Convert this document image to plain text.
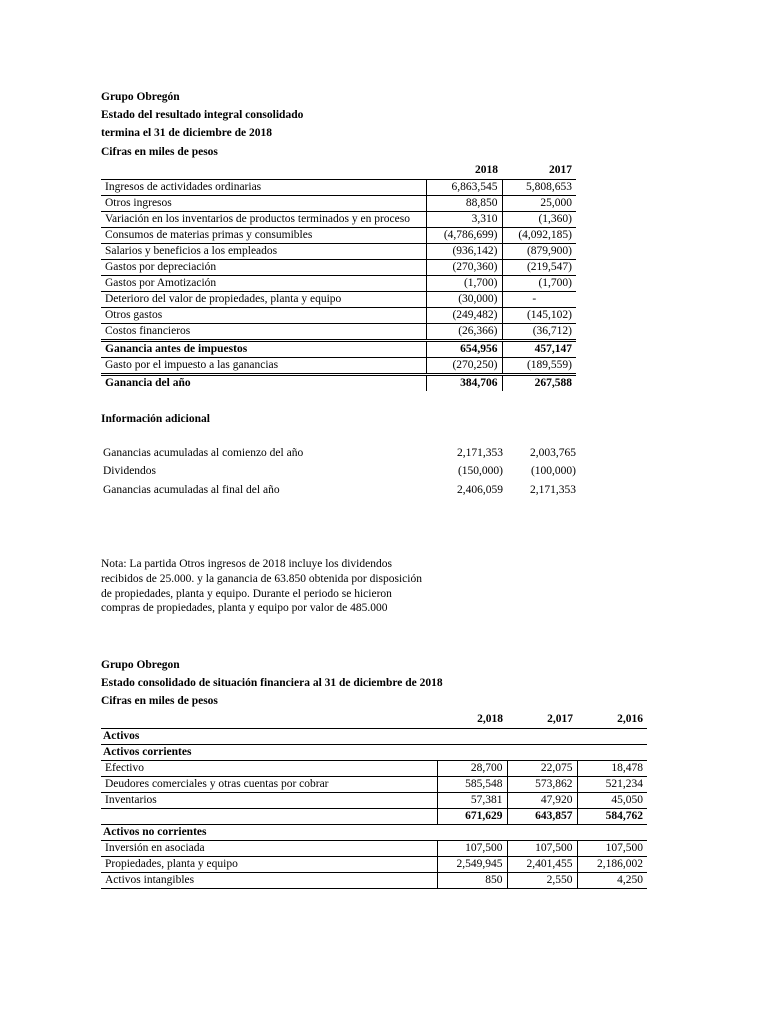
Grupo Obregón
Estado del resultado integral consolidado
termina el 31 de diciembre de 2018
Cifras en miles de pesos
	2018	2017
Ingresos de actividades ordinarias	6,863,545	5,808,653
Otros ingresos	88,850	25,000
Variación en los inventarios de productos terminados y en proceso	3,310	(1,360)
Consumos de materias primas y consumibles	(4,786,699)	(4,092,185)
Salarios y beneficios a los empleados	(936,142)	(879,900)
Gastos por depreciación	(270,360)	(219,547)
Gastos por Amotización	(1,700)	(1,700)
Deterioro del valor de propiedades, planta y equipo	(30,000)	-
Otros gastos	(249,482)	(145,102)
Costos financieros	(26,366)	(36,712)
Ganancia antes de impuestos	654,956	457,147
Gasto por el impuesto a las ganancias	(270,250)	(189,559)
Ganancia del año	384,706	267,588
Información adicional
Ganancias acumuladas al comienzo del año	2,171,353	2,003,765
Dividendos	(150,000)	(100,000)
Ganancias acumuladas al final del año	2,406,059	2,171,353
Nota: La partida Otros ingresos de 2018 incluye los dividendos recibidos de 25.000. y la ganancia de 63.850 obtenida por disposición de propiedades, planta y equipo. Durante el periodo se hicieron compras de propiedades, planta y equipo por valor de 485.000
Grupo Obregon
Estado consolidado de situación financiera al 31 de diciembre de 2018
Cifras en miles de pesos
	2,018	2,017	2,016
Activos			
Activos corrientes			
Efectivo	28,700	22,075	18,478
Deudores comerciales y otras cuentas por cobrar	585,548	573,862	521,234
Inventarios	57,381	47,920	45,050
	671,629	643,857	584,762
Activos no corrientes			
Inversión en asociada	107,500	107,500	107,500
Propiedades, planta y equipo	2,549,945	2,401,455	2,186,002
Activos intangibles	850	2,550	4,250
